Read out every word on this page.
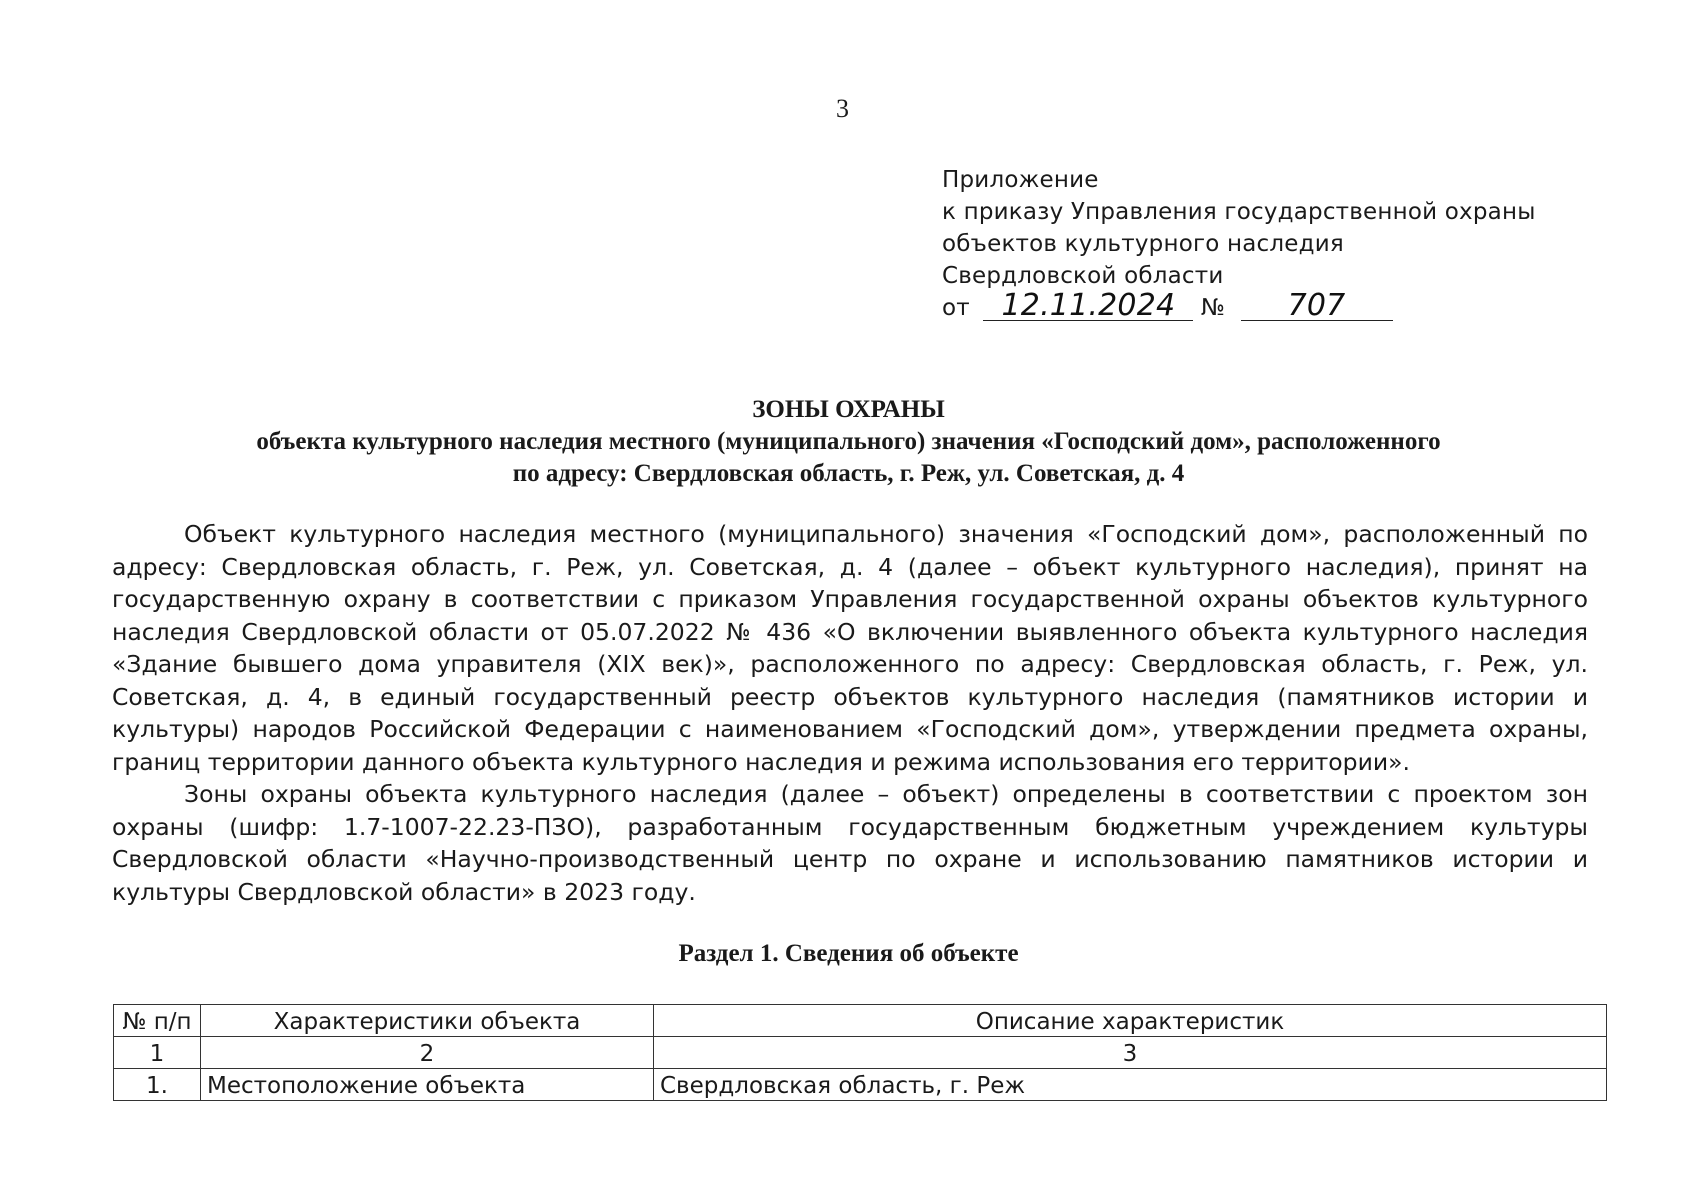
3
Приложение
к приказу Управления государственной охраны
объектов культурного наследия
Свердловской области
от 12.11.2024 № 707
ЗОНЫ ОХРАНЫ
объекта культурного наследия местного (муниципального) значения «Господский дом», расположенного
по адресу: Свердловская область, г. Реж, ул. Советская, д. 4

Объект культурного наследия местного (муниципального) значения «Господский дом», расположенный по адресу: Свердловская область, г. Реж, ул. Советская, д. 4 (далее – объект культурного наследия), принят на государственную охрану в соответствии с приказом Управления государственной охраны объектов культурного наследия Свердловской области от 05.07.2022 № 436 «О включении выявленного объекта культурного наследия «Здание бывшего дома управителя (XIX век)», расположенного по адресу: Свердловская область, г. Реж, ул. Советская, д. 4, в единый государственный реестр объектов культурного наследия (памятников истории и культуры) народов Российской Федерации с наименованием «Господский дом», утверждении предмета охраны, границ территории данного объекта культурного наследия и режима использования его территории».

Зоны охраны объекта культурного наследия (далее – объект) определены в соответствии с проектом зон охраны (шифр: 1.7-1007-22.23-ПЗО), разработанным государственным бюджетным учреждением культуры Свердловской области «Научно-производственный центр по охране и использованию памятников истории и культуры Свердловской области» в 2023 году.

Раздел 1. Сведения об объекте
№ п/п	Характеристики объекта	Описание характеристик
1	2	3
1.	Местоположение объекта	Свердловская область, г. Реж
